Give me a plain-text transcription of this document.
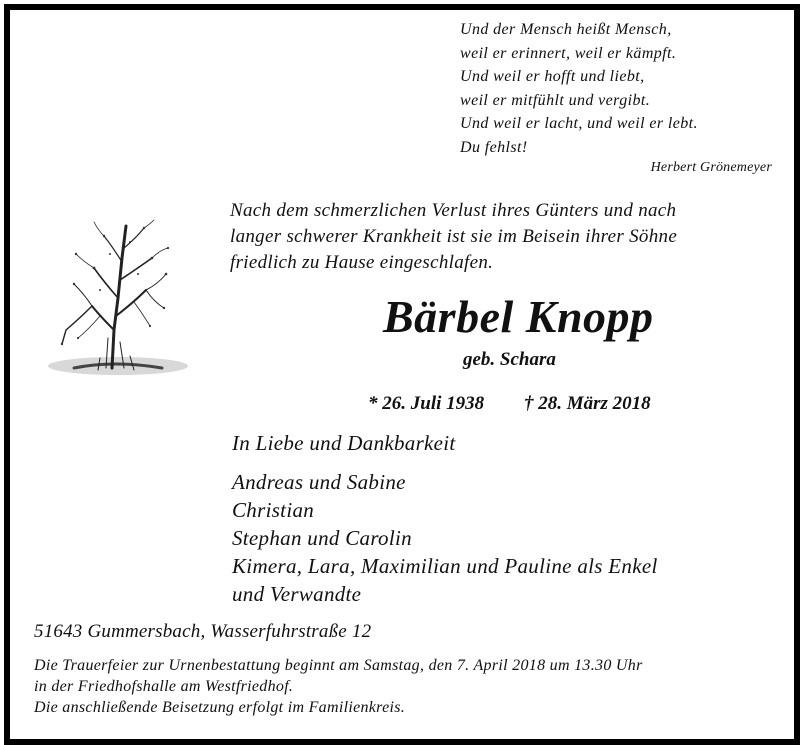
Und der Mensch heißt Mensch,
weil er erinnert, weil er kämpft.
Und weil er hofft und liebt,
weil er mitfühlt und vergibt.
Und weil er lacht, und weil er lebt.
Du fehlst!
Herbert Grönemeyer
Nach dem schmerzlichen Verlust ihres Günters und nach
langer schwerer Krankheit ist sie im Beisein ihrer Söhne
friedlich zu Hause eingeschlafen.
Bärbel Knopp
geb. Schara
* 26. Juli 1938 † 28. März 2018
In Liebe und Dankbarkeit
Andreas und Sabine
Christian
Stephan und Carolin
Kimera, Lara, Maximilian und Pauline als Enkel
und Verwandte
51643 Gummersbach, Wasserfuhrstraße 12
Die Trauerfeier zur Urnenbestattung beginnt am Samstag, den 7. April 2018 um 13.30 Uhr
in der Friedhofshalle am Westfriedhof.
Die anschließende Beisetzung erfolgt im Familienkreis.
